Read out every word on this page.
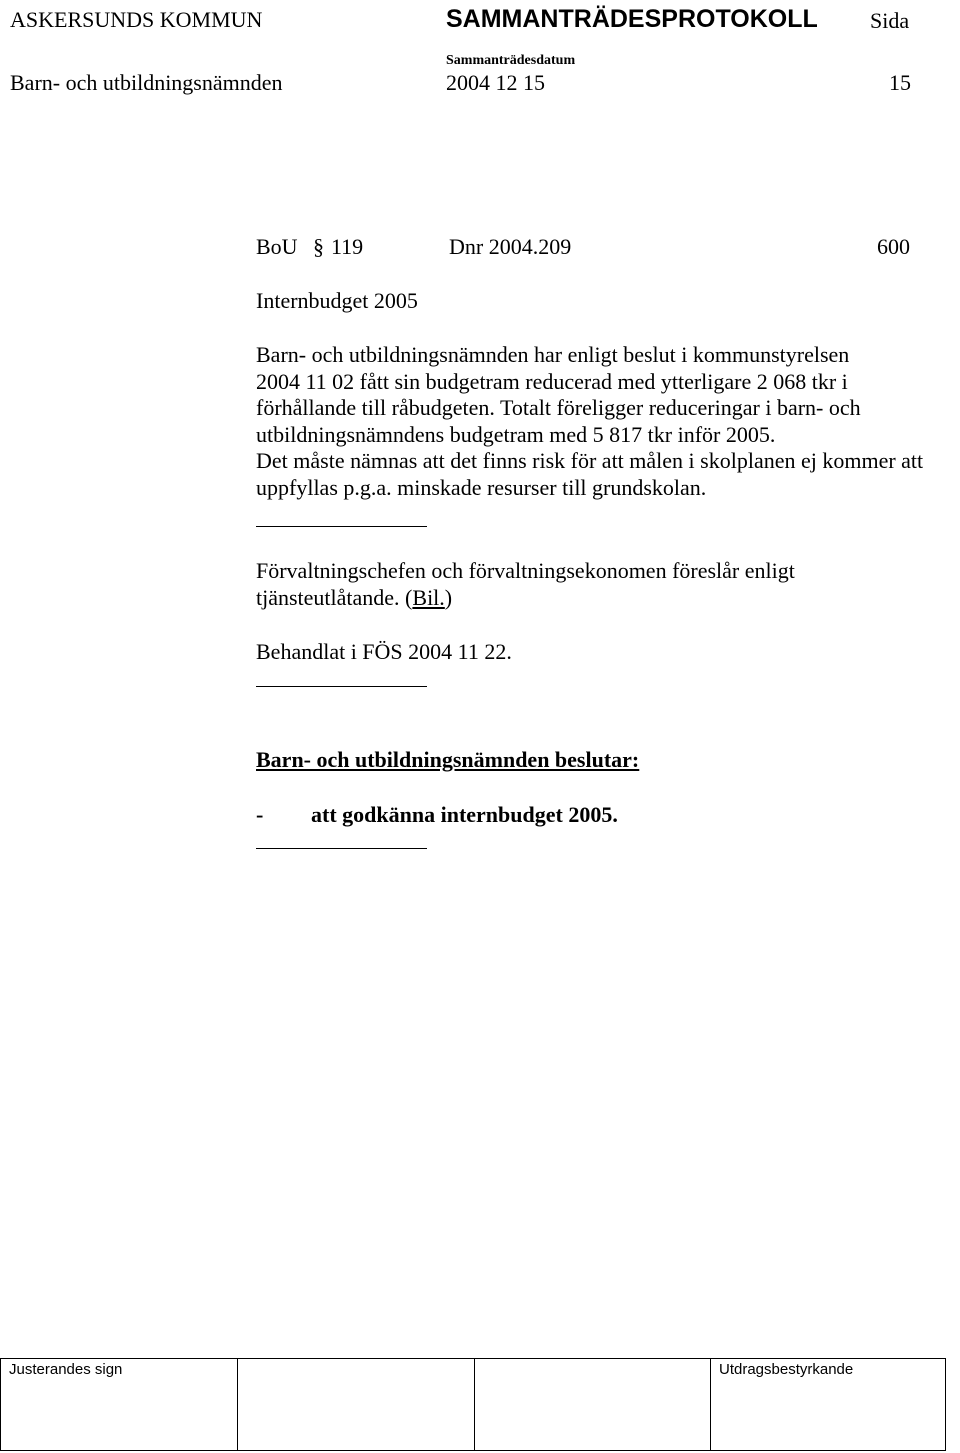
ASKERSUNDS KOMMUN	SAMMANTRÄDESPROTOKOLL Sida
Sammanträdesdatum
Barn- och utbildningsnämnden	2004 12 15	15
BoU § 119	Dnr 2004.209	600
Internbudget 2005

Barn- och utbildningsnämnden har enligt beslut i kommunstyrelsen

2004 11 02 fått sin budgetram reducerad med ytterligare 2 068 tkr i

förhållande till råbudgeten. Totalt föreligger reduceringar i barn- och

utbildningsnämndens budgetram med 5 817 tkr inför 2005.

Det måste nämnas att det finns risk för att målen i skolplanen ej kommer att

uppfyllas p.g.a. minskade resurser till grundskolan.

Förvaltningschefen och förvaltningsekonomen föreslår enligt

tjänsteutlåtande. (Bil.)

Behandlat i FÖS 2004 11 22.
Barn- och utbildningsnämnden beslutar:
- att godkänna internbudget 2005.
Justerandes sign	Utdragsbestyrkande
